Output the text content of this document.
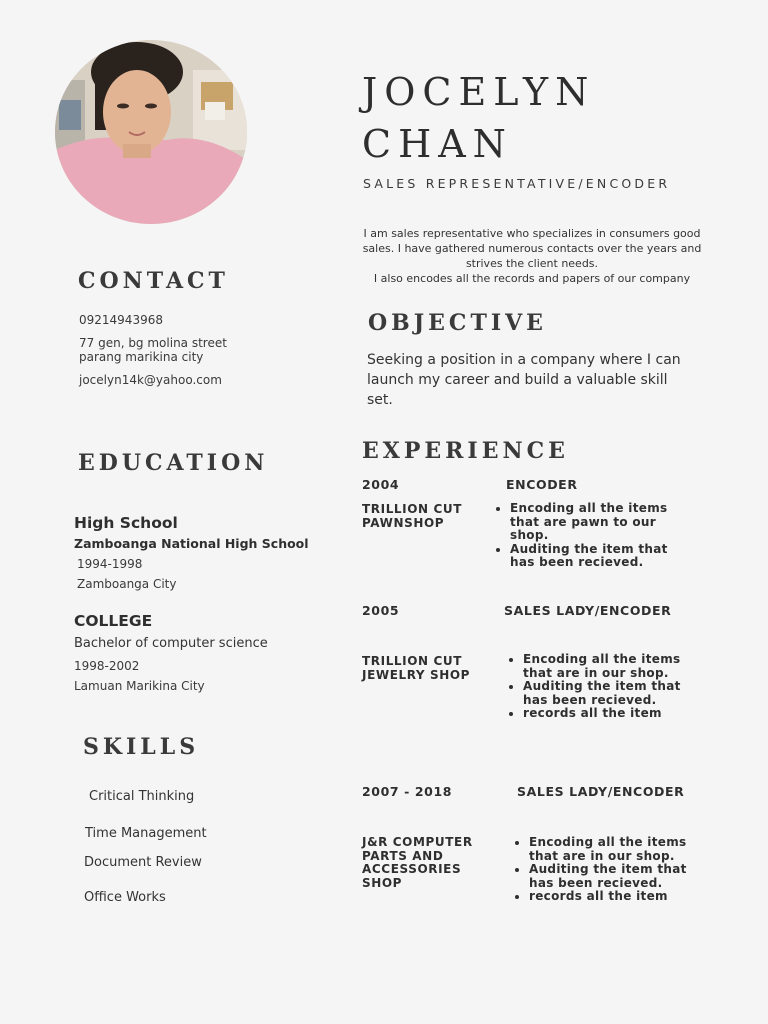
JOCELYN
CHAN
SALES REPRESENTATIVE/ENCODER
I am sales representative who specializes in consumers good
sales. I have gathered numerous contacts over the years and
strives the client needs.
I also encodes all the records and papers of our company
CONTACT
09214943968
77 gen, bg molina street
parang marikina city
jocelyn14k@yahoo.com
OBJECTIVE
Seeking a position in a company where I can launch my career and build a valuable skill set.
EDUCATION
High School
Zamboanga National High School
1994-1998
Zamboanga City
COLLEGE
Bachelor of computer science
1998-2002
Lamuan Marikina City
SKILLS
Critical Thinking
Time Management
Document Review
Office Works
EXPERIENCE
2004	ENCODER
TRILLION CUT PAWNSHOP
• Encoding all the items that are pawn to our shop.
• Auditing the item that has been recieved.
2005	SALES LADY/ENCODER
TRILLION CUT JEWELRY SHOP
• Encoding all the items that are in our shop.
• Auditing the item that has been recieved.
• records all the item
2007 - 2018	SALES LADY/ENCODER
J&R COMPUTER PARTS AND ACCESSORIES SHOP
• Encoding all the items that are in our shop.
• Auditing the item that has been recieved.
• records all the item
